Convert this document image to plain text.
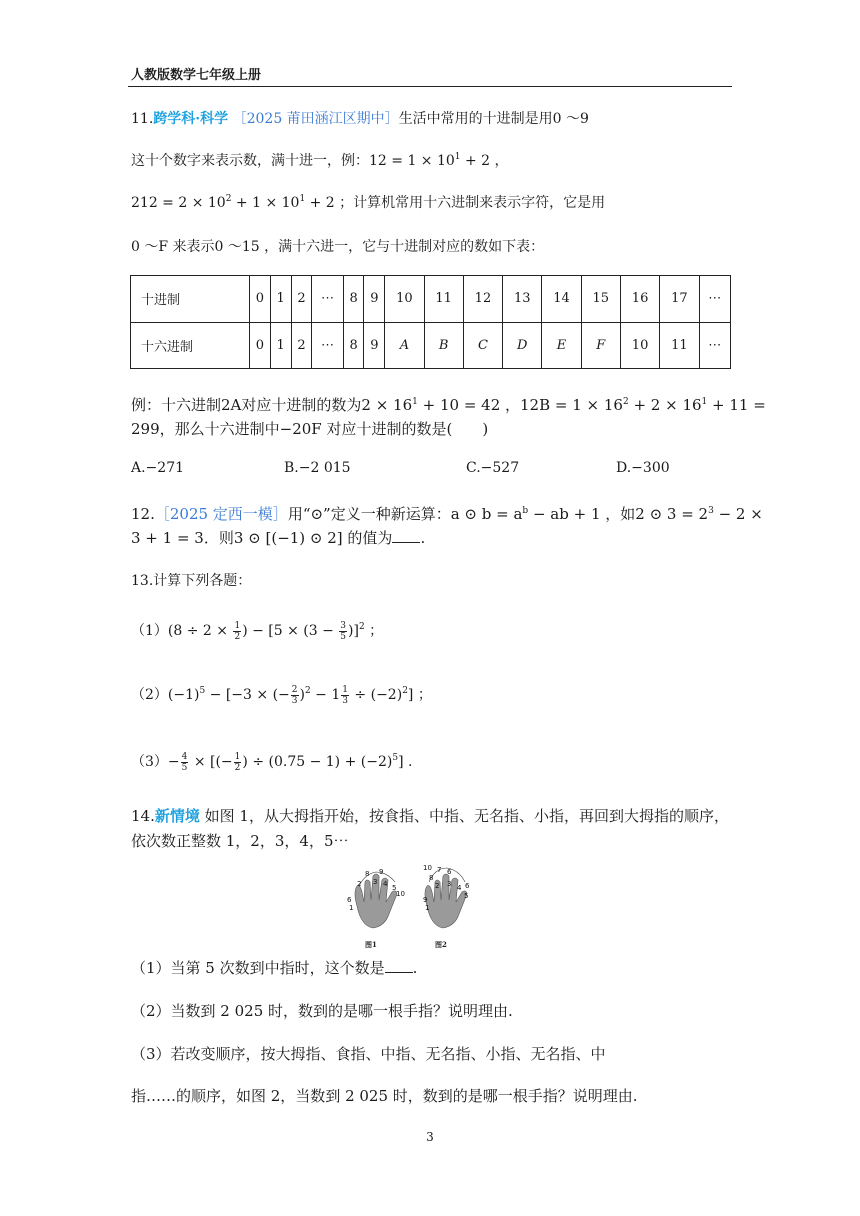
人教版数学七年级上册
11.跨学科·科学 ［2025 莆田涵江区期中］生活中常用的十进制是用0 ～9
这十个数字来表示数，满十进一，例：$12 = 1 \times 10^1 + 2$ ，
$212 = 2 \times 10^2 + 1 \times 10^1 + 2$ ；计算机常用十六进制来表示字符，它是用
0 ～F 来表示0 ～15 ，满十六进一，它与十进制对应的数如下表：
十进制	0	1	2	⋯	8	9	10	11	12	13	14	15	16	17	⋯
十六进制	0	1	2	⋯	8	9	A	B	C	D	E	F	10	11	⋯
例：十六进制2A对应十进制的数为$2 \times 16^1 + 10 = 42$ ，$12B = 1 \times 16^2 + 2 \times 16^1 + 11$ =
299，那么十六进制中−20F 对应十进制的数是( )
A.−271	B.−2 015	C.−527	D.−300
12.［2025 定西一模］用“⊙”定义一种新运算：a ⊙ $b = a^b$ − ab + 1 ，如2 ⊙ $3 = 2^3 - 2$ ×
3 + 1 = 3．则3 ⊙ [(−1) ⊙ 2] 的值为 .
13.计算下列各题：
$(1)(8 \div 2 \times \frac{1}{2}$ ) − $[5 \times (3 - \frac{3}{5} )]^2$ ；
$(2)(-1)^5 - [-3$ × (− $\frac{2}{3} )^2 - 1 \frac{1}{3} \div (-2)^2$] ；
$(3)- \frac{4}{5}$ × [(− $\frac{1}{2}$ ) ÷ $(0.75 - 1) + (-2)^5$] .
14.新情境 如图 1，从大拇指开始，按食指、中指、无名指、小指，再回到大拇指的顺序，
依次数正整数 1，2，3，4，5⋯
6
1
2
8
3
9
4 5
10
图1
10
8
7 6
9
1
2 3 4
5
6
图2
（1）当第 5 次数到中指时，这个数是 .
（2）当数到 2 025 时，数到的是哪一根手指？说明理由.
（3）若改变顺序，按大拇指、食指、中指、无名指、小指、无名指、中
指……的顺序，如图 2，当数到 2 025 时，数到的是哪一根手指？说明理由.
3
